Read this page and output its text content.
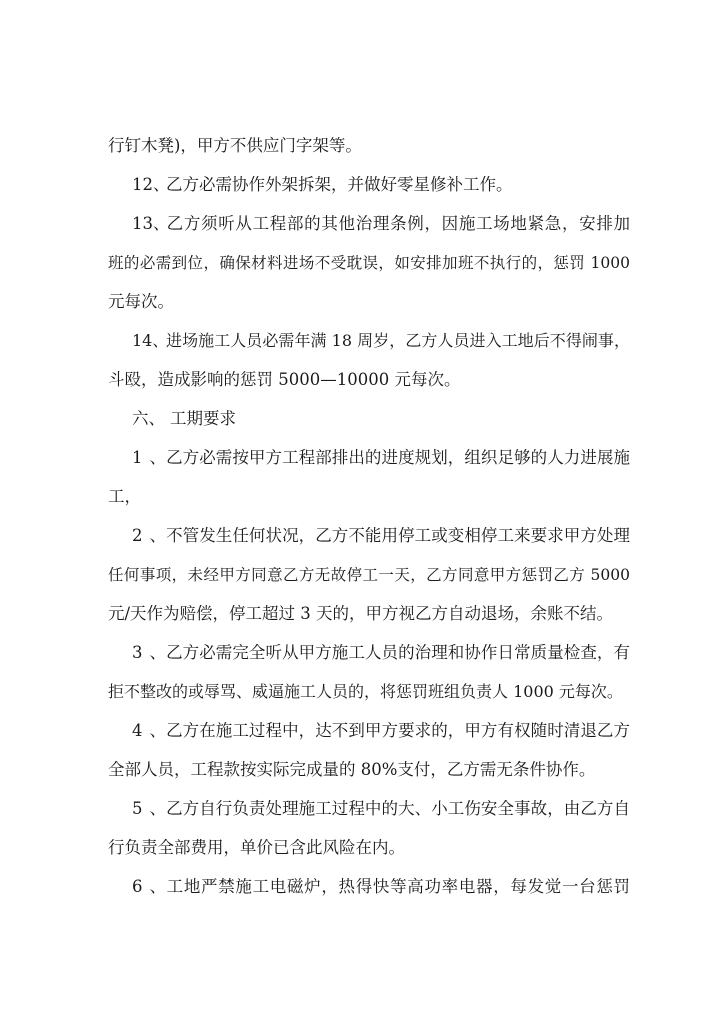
行钉木凳)，甲方不供应门字架等。
12、乙方必需协作外架拆架，并做好零星修补工作。
13、乙方须听从工程部的其他治理条例，因施工场地紧急，安排加
班的必需到位，确保材料进场不受耽误，如安排加班不执行的，惩罚 1000
元每次。
14、进场施工人员必需年满 18 周岁，乙方人员进入工地后不得闹事，
斗殴，造成影响的惩罚 5000—10000 元每次。
六、 工期要求
1、乙方必需按甲方工程部排出的进度规划，组织足够的人力进展施
工，
2、不管发生任何状况，乙方不能用停工或变相停工来要求甲方处理
任何事项，未经甲方同意乙方无故停工一天，乙方同意甲方惩罚乙方 5000
元/天作为赔偿，停工超过 3 天的，甲方视乙方自动退场，余账不结。
3、乙方必需完全听从甲方施工人员的治理和协作日常质量检查，有
拒不整改的或辱骂、威逼施工人员的，将惩罚班组负责人 1000 元每次。
4、乙方在施工过程中，达不到甲方要求的，甲方有权随时清退乙方
全部人员，工程款按实际完成量的 80%支付，乙方需无条件协作。
5、乙方自行负责处理施工过程中的大、小工伤安全事故，由乙方自
行负责全部费用，单价已含此风险在内。
6、工地严禁施工电磁炉，热得快等高功率电器，每发觉一台惩罚
